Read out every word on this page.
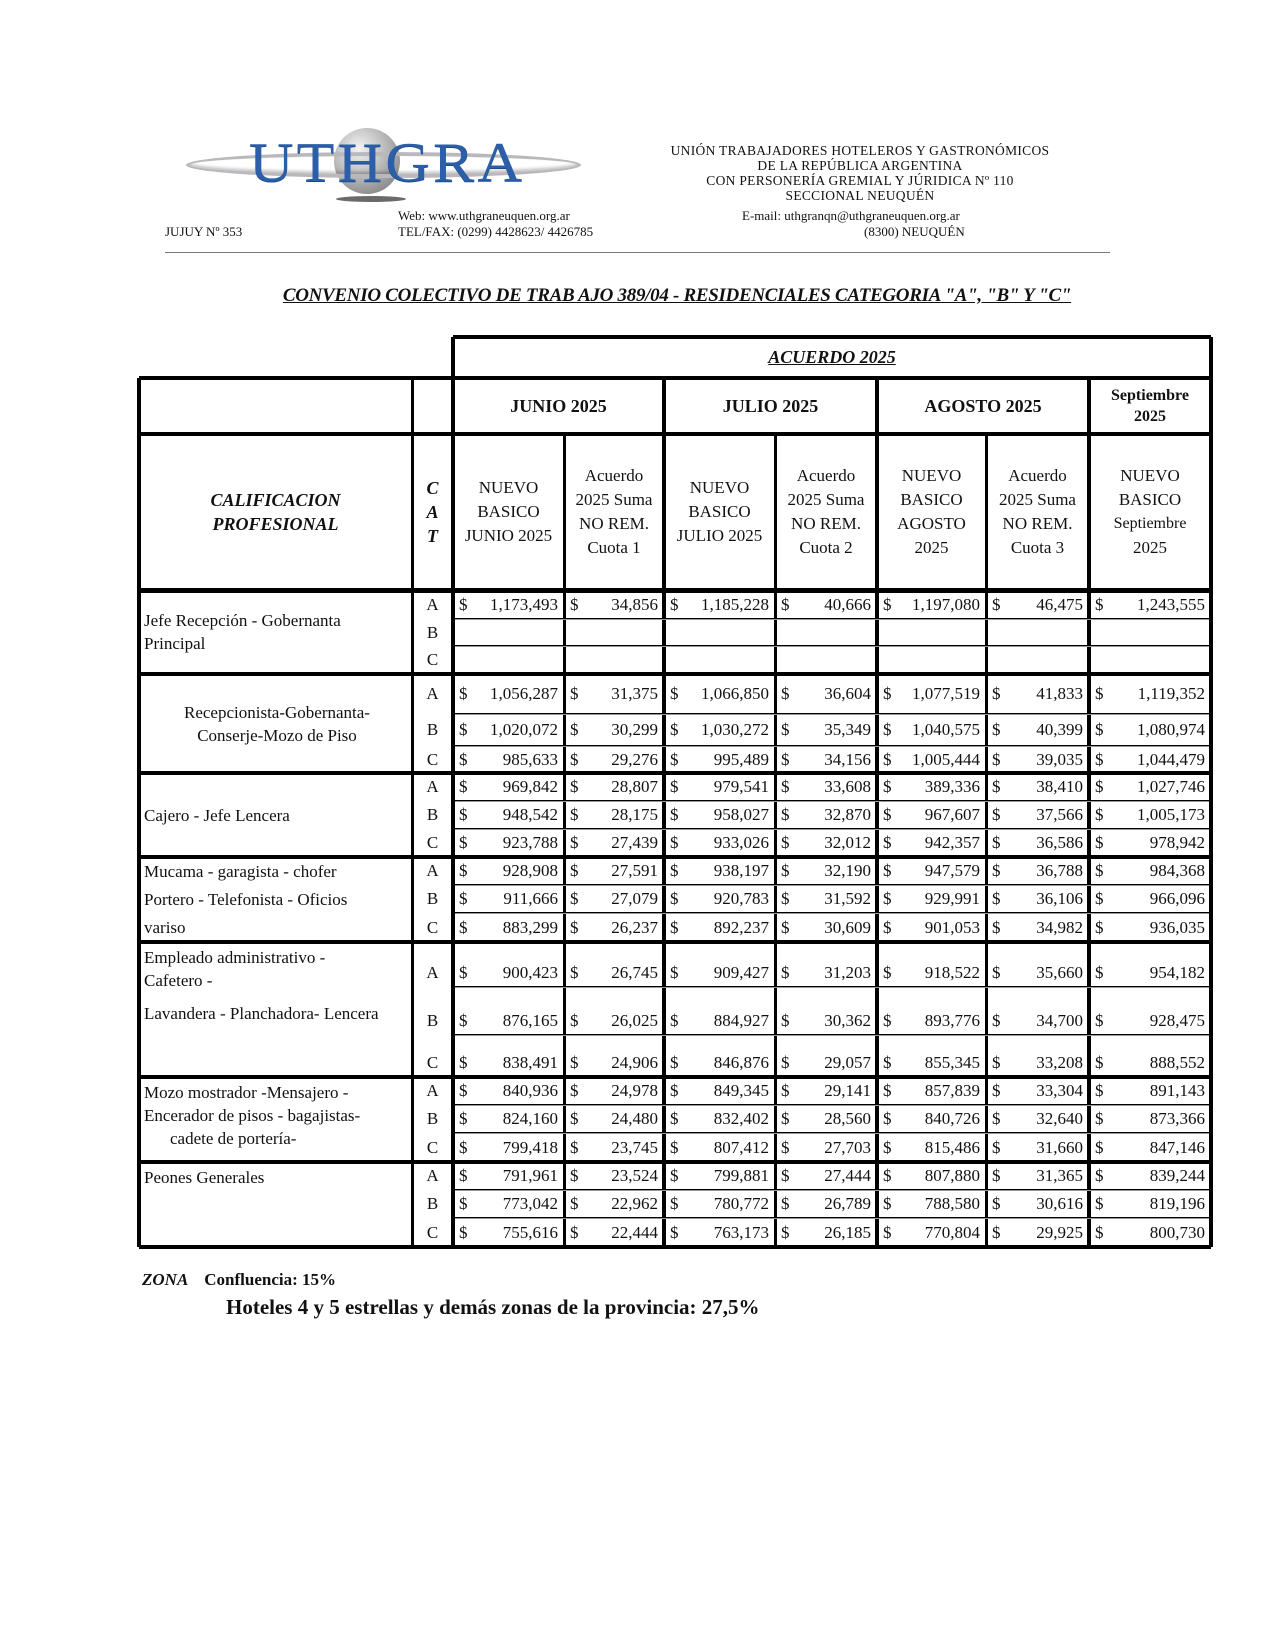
UTHGRA	UNIÓN TRABAJADORES HOTELEROS Y GASTRONÓMICOS
DE LA REPÚBLICA ARGENTINA
CON PERSONERÍA GREMIAL Y JÚRIDICA Nº 110
SECCIONAL NEUQUÉN
JUJUY Nº 353
Web: www.uthgraneuquen.org.ar
TEL/FAX: (0299) 4428623/ 4426785
E-mail: uthgranqn@uthgraneuquen.org.ar
(8300) NEUQUÉN
CONVENIO COLECTIVO DE TRAB AJO 389/04 - RESIDENCIALES CATEGORIA "A", "B" Y "C"
ACUERDO 2025
JUNIO 2025	JULIO 2025	AGOSTO 2025	Septiembre 2025
CALIFICACION
PROFESIONAL
C
A
T
NUEVO
BASICO
JUNIO 2025
Acuerdo
2025 Suma
NO REM.
Cuota 1
NUEVO
BASICO
JULIO 2025
Acuerdo
2025 Suma
NO REM.
Cuota 2
NUEVO
BASICO
AGOSTO
2025
Acuerdo
2025 Suma
NO REM.
Cuota 3
NUEVO
BASICO
Septiembre
2025
Jefe Recepción - Gobernanta
Principal
A	$	1,173,493 $	34,856 $	1,185,228 $	40,666 $	1,197,080 $	46,475 $	1,243,555
B
C
Recepcionista-Gobernanta-
Conserje-Mozo de Piso
A	$	1,056,287 $	31,375 $	1,066,850 $	36,604 $	1,077,519 $	41,833 $	1,119,352
B	$	1,020,072 $	30,299 $	1,030,272 $	35,349 $	1,040,575 $	40,399 $	1,080,974
C	$	985,633 $	29,276 $	995,489 $	34,156 $	1,005,444 $	39,035 $	1,044,479
Cajero - Jefe Lencera
A	$	969,842 $	28,807 $	979,541 $	33,608 $	389,336 $	38,410 $	1,027,746
B	$	948,542 $	28,175 $	958,027 $	32,870 $	967,607 $	37,566 $	1,005,173
C	$	923,788 $	27,439 $	933,026 $	32,012 $	942,357 $	36,586 $	978,942
Mucama - garagista - chofer
Portero - Telefonista - Oficios
variso
A	$	928,908 $	27,591 $	938,197 $	32,190 $	947,579 $	36,788 $	984,368
B	$	911,666 $	27,079 $	920,783 $	31,592 $	929,991 $	36,106 $	966,096
C	$	883,299 $	26,237 $	892,237 $	30,609 $	901,053 $	34,982 $	936,035
Empleado administrativo -
Cafetero -
Lavandera - Planchadora- Lencera
A	$	900,423 $	26,745 $	909,427 $	31,203 $	918,522 $	35,660 $	954,182
B	$	876,165 $	26,025 $	884,927 $	30,362 $	893,776 $	34,700 $	928,475
C	$	838,491 $	24,906 $	846,876 $	29,057 $	855,345 $	33,208 $	888,552
Mozo mostrador -Mensajero -
Encerador de pisos - bagajistas-
cadete de portería-
A	$	840,936 $	24,978 $	849,345 $	29,141 $	857,839 $	33,304 $	891,143
B	$	824,160 $	24,480 $	832,402 $	28,560 $	840,726 $	32,640 $	873,366
C	$	799,418 $	23,745 $	807,412 $	27,703 $	815,486 $	31,660 $	847,146
Peones Generales	A	$	791,961 $	23,524 $	799,881 $	27,444 $	807,880 $	31,365 $	839,244
B	$	773,042 $	22,962 $	780,772 $	26,789 $	788,580 $	30,616 $	819,196
C	$	755,616 $	22,444 $	763,173 $	26,185 $	770,804 $	29,925 $	800,730
ZONA Confluencia: 15%
Hoteles 4 y 5 estrellas y demás zonas de la provincia: 27,5%
